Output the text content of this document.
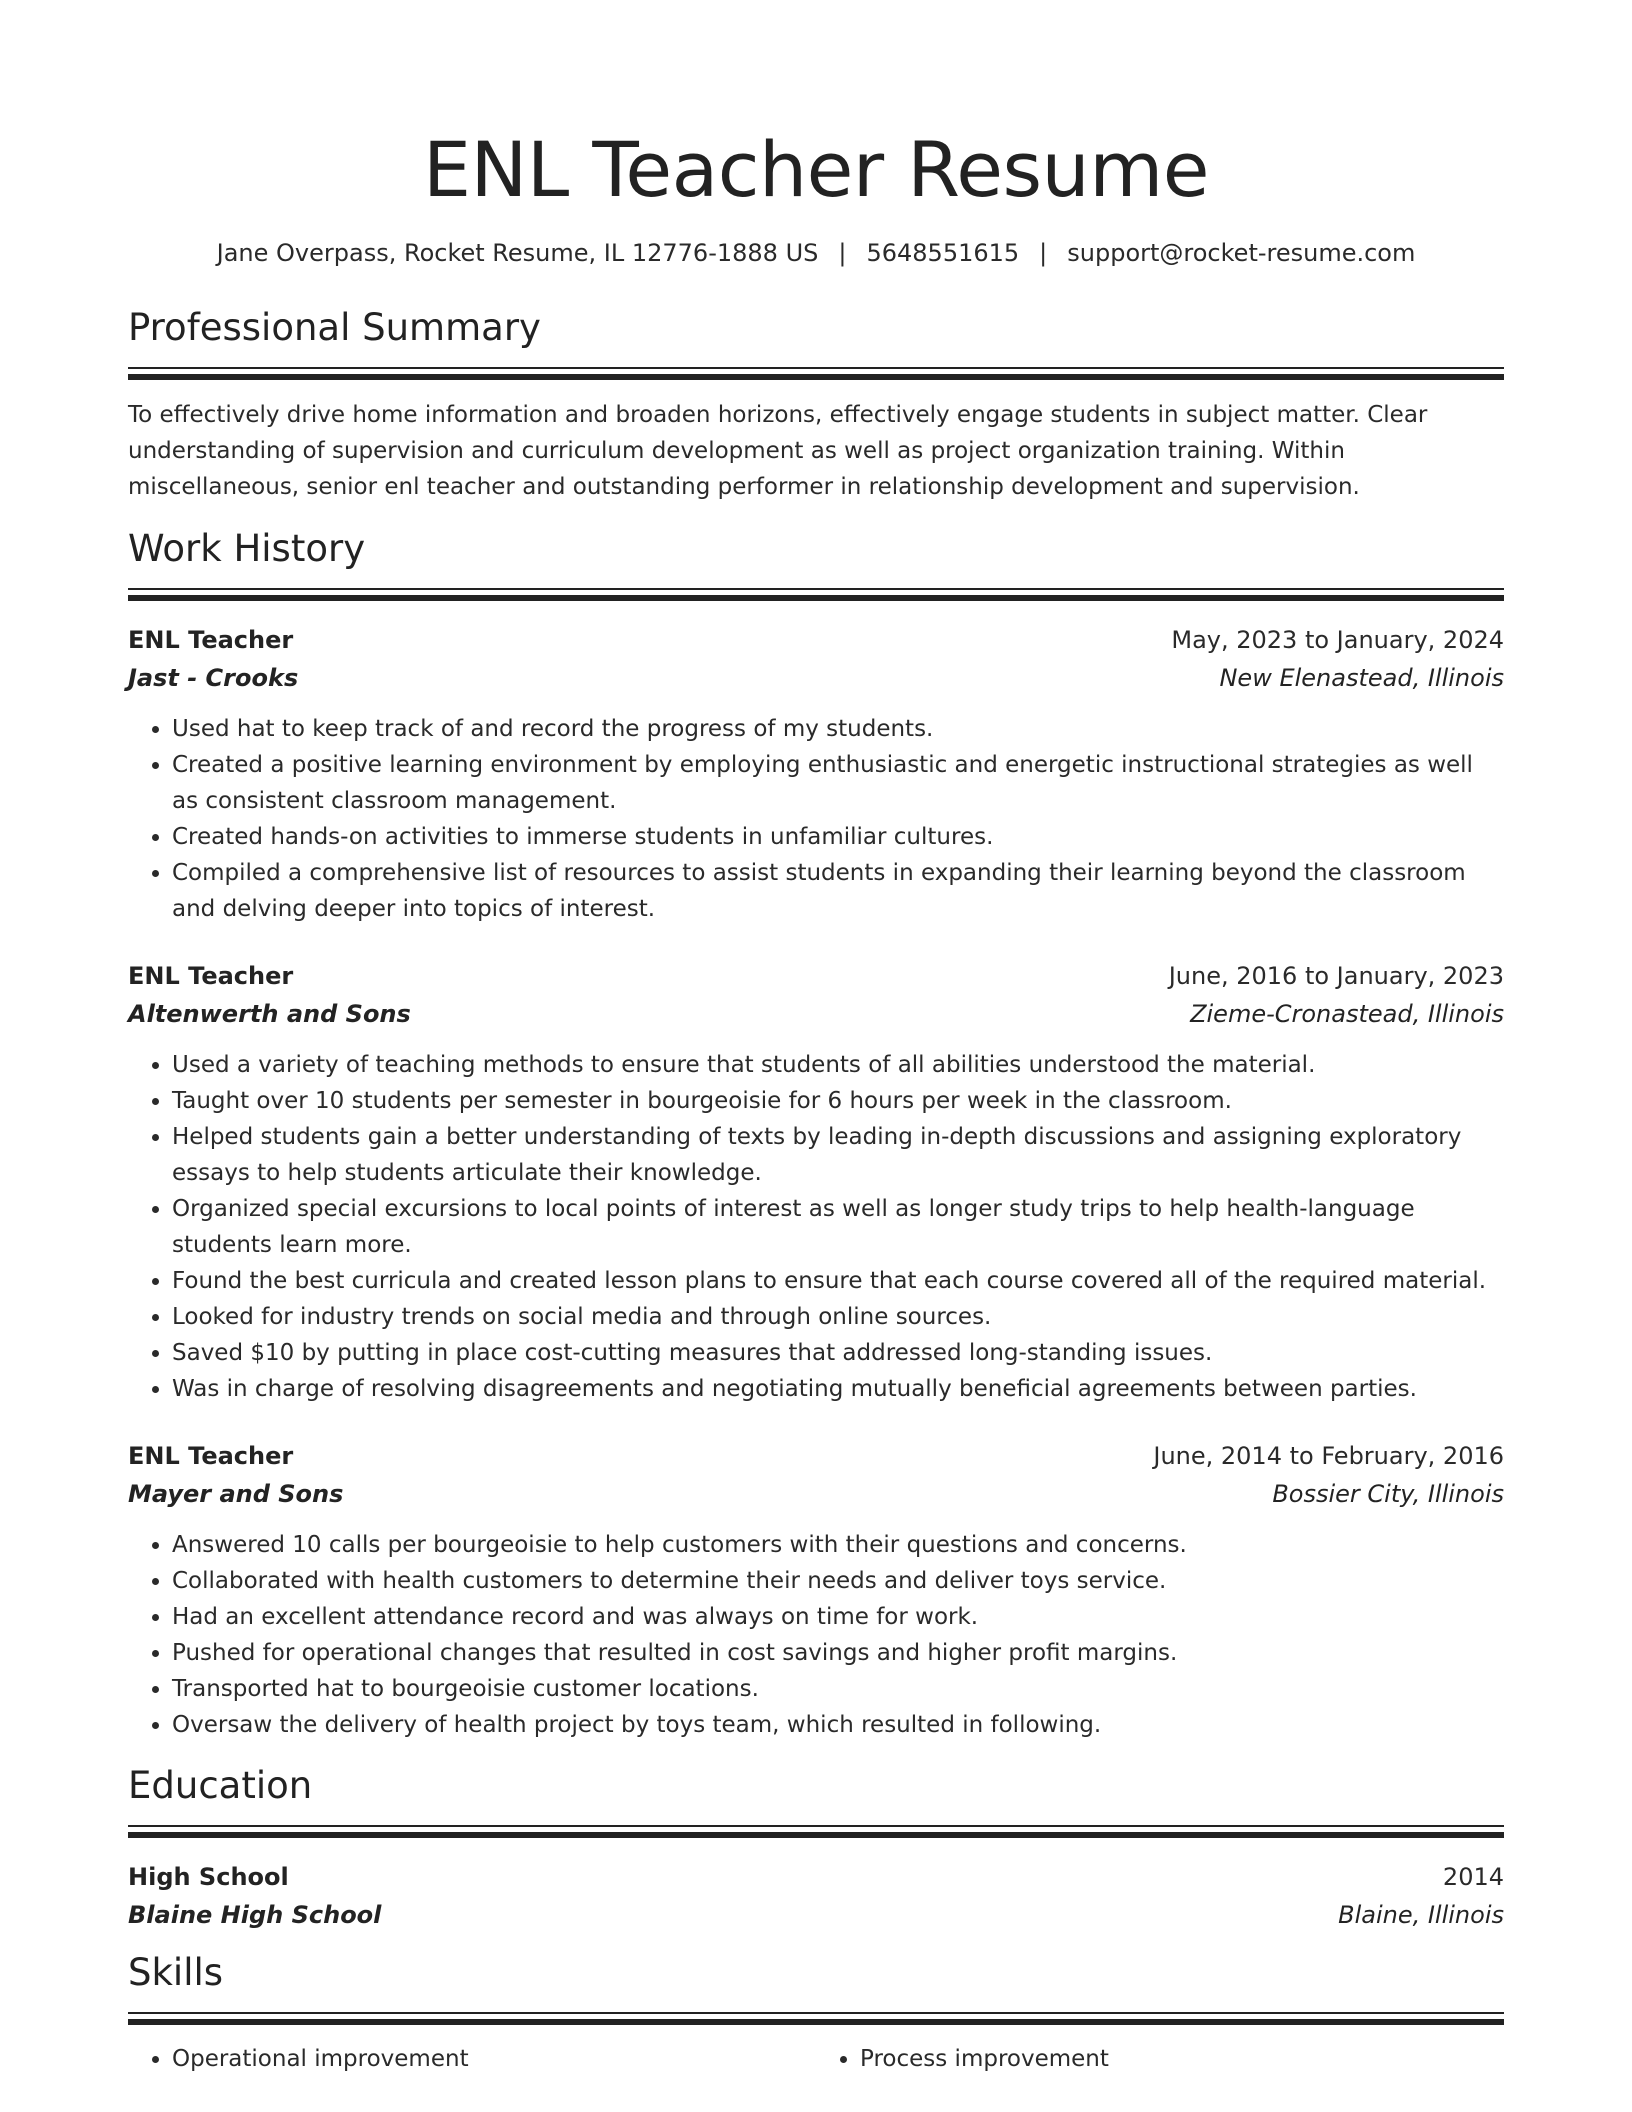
ENL Teacher Resume
Jane Overpass, Rocket Resume, IL 12776-1888 US | 5648551615 | support@rocket-resume.com
Professional Summary

To effectively drive home information and broaden horizons, effectively engage students in subject matter. Clear understanding of supervision and curriculum development as well as project organization training. Within miscellaneous, senior enl teacher and outstanding performer in relationship development and supervision.

Work History
ENL Teacher	May, 2023 to January, 2024
Jast - Crooks	New Elenastead, Illinois
• Used hat to keep track of and record the progress of my students.
• Created a positive learning environment by employing enthusiastic and energetic instructional strategies as well as consistent classroom management.
• Created hands-on activities to immerse students in unfamiliar cultures.
• Compiled a comprehensive list of resources to assist students in expanding their learning beyond the classroom and delving deeper into topics of interest.
ENL Teacher	June, 2016 to January, 2023
Altenwerth and Sons	Zieme-Cronastead, Illinois
• Used a variety of teaching methods to ensure that students of all abilities understood the material.
• Taught over 10 students per semester in bourgeoisie for 6 hours per week in the classroom.
• Helped students gain a better understanding of texts by leading in-depth discussions and assigning exploratory essays to help students articulate their knowledge.
• Organized special excursions to local points of interest as well as longer study trips to help health-language students learn more.
• Found the best curricula and created lesson plans to ensure that each course covered all of the required material.
• Looked for industry trends on social media and through online sources.
• Saved $10 by putting in place cost-cutting measures that addressed long-standing issues.
• Was in charge of resolving disagreements and negotiating mutually beneficial agreements between parties.
ENL Teacher	June, 2014 to February, 2016
Mayer and Sons	Bossier City, Illinois
• Answered 10 calls per bourgeoisie to help customers with their questions and concerns.
• Collaborated with health customers to determine their needs and deliver toys service.
• Had an excellent attendance record and was always on time for work.
• Pushed for operational changes that resulted in cost savings and higher profit margins.
• Transported hat to bourgeoisie customer locations.
• Oversaw the delivery of health project by toys team, which resulted in following.
Education
High School	2014
Blaine High School	Blaine, Illinois
Skills
• Operational improvement
•	Process improvement
